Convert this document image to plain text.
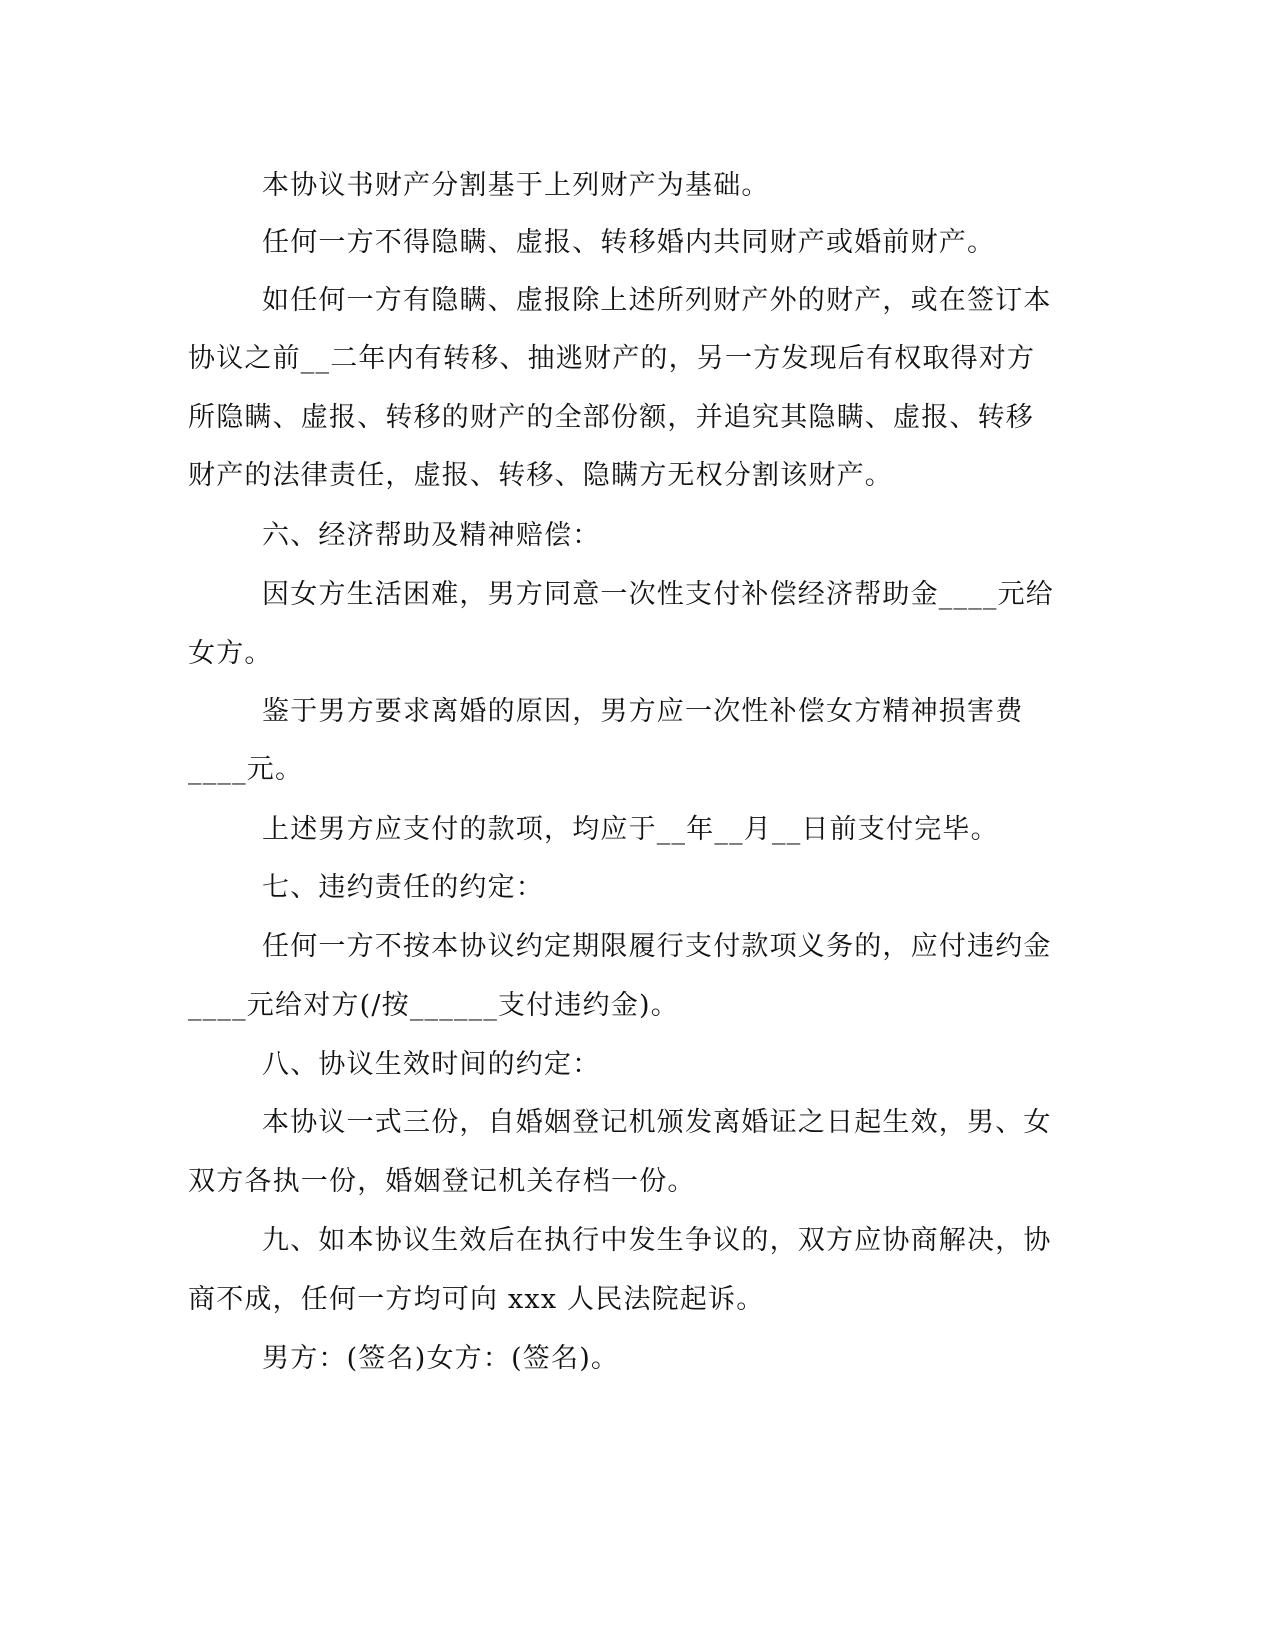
本协议书财产分割基于上列财产为基础。
任何一方不得隐瞒、虚报、转移婚内共同财产或婚前财产。
如任何一方有隐瞒、虚报除上述所列财产外的财产，或在签订本
协议之前__二年内有转移、抽逃财产的，另一方发现后有权取得对方
所隐瞒、虚报、转移的财产的全部份额，并追究其隐瞒、虚报、转移
财产的法律责任，虚报、转移、隐瞒方无权分割该财产。
六、经济帮助及精神赔偿：
因女方生活困难，男方同意一次性支付补偿经济帮助金____元给
女方。
鉴于男方要求离婚的原因，男方应一次性补偿女方精神损害费
____元。
上述男方应支付的款项，均应于__年__月__日前支付完毕。
七、违约责任的约定：
任何一方不按本协议约定期限履行支付款项义务的，应付违约金
____元给对方(/按______支付违约金)。
八、协议生效时间的约定：
本协议一式三份，自婚姻登记机颁发离婚证之日起生效，男、女
双方各执一份，婚姻登记机关存档一份。
九、如本协议生效后在执行中发生争议的，双方应协商解决，协
商不成，任何一方均可向 xxx 人民法院起诉。
男方：(签名)女方：(签名)。
